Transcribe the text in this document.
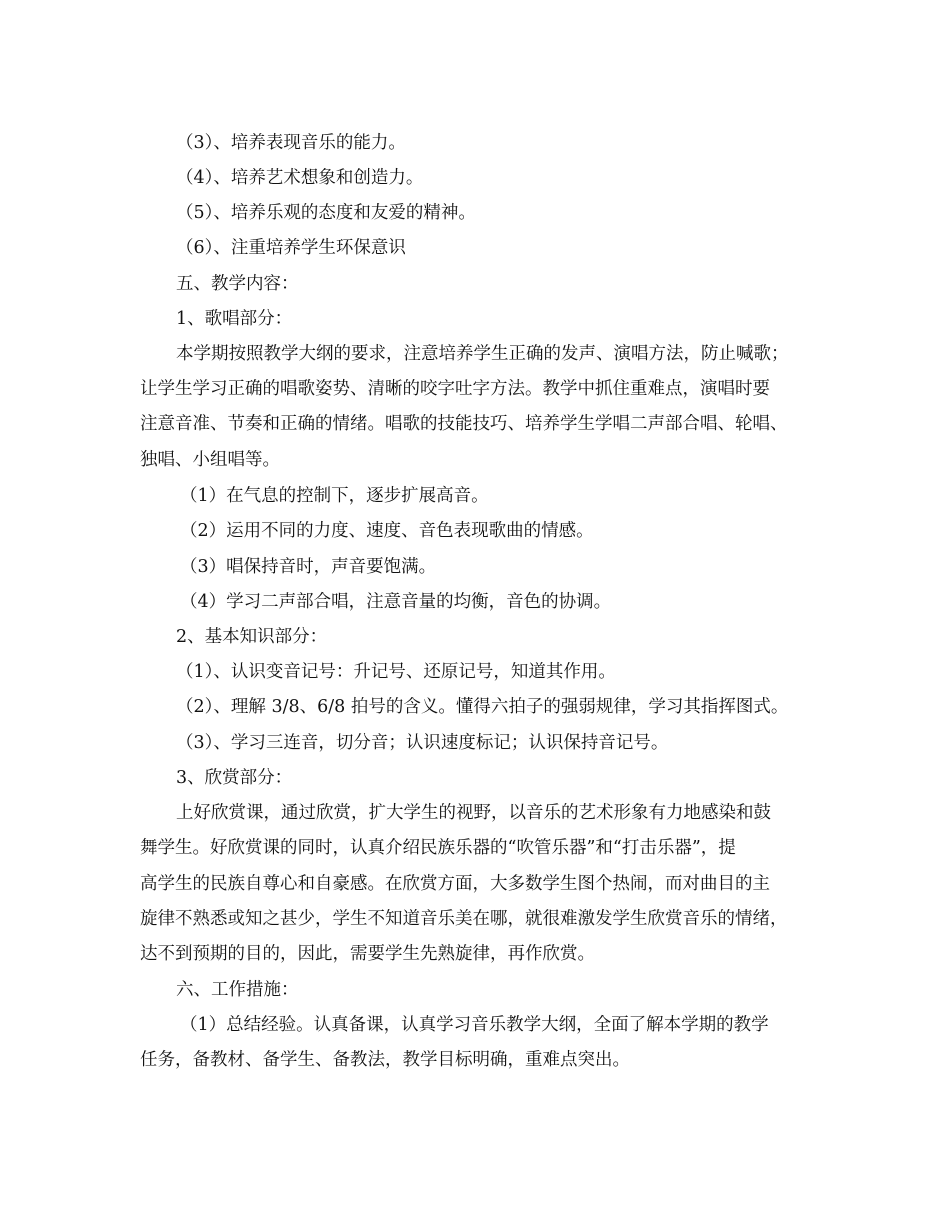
（3）、培养表现音乐的能力。
（4）、培养艺术想象和创造力。
（5）、培养乐观的态度和友爱的精神。
（6）、注重培养学生环保意识
五、教学内容：
1、歌唱部分：
本学期按照教学大纲的要求，注意培养学生正确的发声、演唱方法，防止喊歌；
让学生学习正确的唱歌姿势、清晰的咬字吐字方法。教学中抓住重难点，演唱时要
注意音准、节奏和正确的情绪。唱歌的技能技巧、培养学生学唱二声部合唱、轮唱、
独唱、小组唱等。
（1）在气息的控制下，逐步扩展高音。
（2）运用不同的力度、速度、音色表现歌曲的情感。
（3）唱保持音时，声音要饱满。
（4）学习二声部合唱，注意音量的均衡，音色的协调。
2、基本知识部分：
（1）、认识变音记号：升记号、还原记号，知道其作用。
（2）、理解 3/8、6/8 拍号的含义。懂得六拍子的强弱规律，学习其指挥图式。
（3）、学习三连音，切分音；认识速度标记；认识保持音记号。
3、欣赏部分：
上好欣赏课，通过欣赏，扩大学生的视野，以音乐的艺术形象有力地感染和鼓
舞学生。好欣赏课的同时，认真介绍民族乐器的“吹管乐器”和“打击乐器”，提
高学生的民族自尊心和自豪感。在欣赏方面，大多数学生图个热闹，而对曲目的主
旋律不熟悉或知之甚少，学生不知道音乐美在哪，就很难激发学生欣赏音乐的情绪，
达不到预期的目的，因此，需要学生先熟旋律，再作欣赏。
六、工作措施：
（1）总结经验。认真备课，认真学习音乐教学大纲，全面了解本学期的教学
任务，备教材、备学生、备教法，教学目标明确，重难点突出。
